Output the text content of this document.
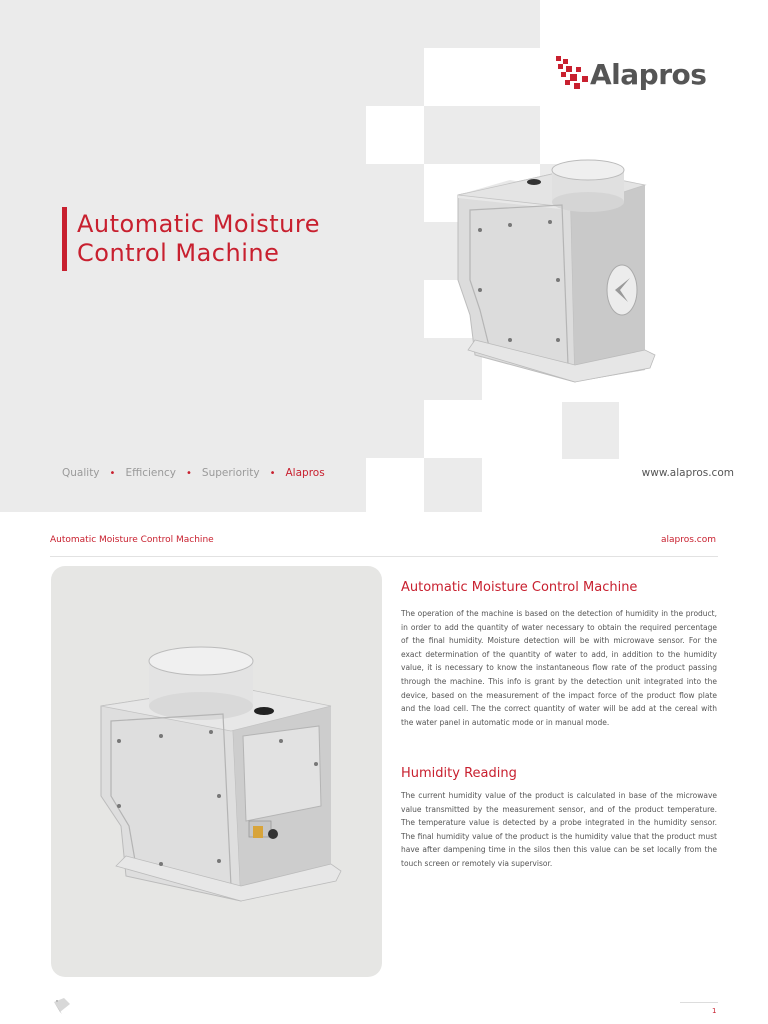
Automatic Moisture
Control Machine
Alapros
Quality • Efficiency • Superiority • Alapros	www.alapros.com
Automatic Moisture Control Machine	alapros.com
Automatic Moisture Control Machine
The operation of the machine is based on the detection of humidity in the product, in order to add the quantity of water necessary to obtain the required percentage of the final humidity. Moisture detection will be with microwave sensor. For the exact determination of the quantity of water to add, in addition to the humidity value, it is necessary to know the instantaneous flow rate of the product passing through the machine. This info is grant by the detection unit integrated into the device, based on the measurement of the impact force of the product flow plate and the load cell. The the correct quantity of water will be add at the cereal with the water panel in automatic mode or in manual mode.
Humidity Reading
The current humidity value of the product is calculated in base of the microwave value transmitted by the measurement sensor, and of the product temperature. The temperature value is detected by a probe integrated in the humidity sensor. The final humidity value of the product is the humidity value that the product must have after dampening time in the silos then this value can be set locally from the touch screen or remotely via supervisor.
1
